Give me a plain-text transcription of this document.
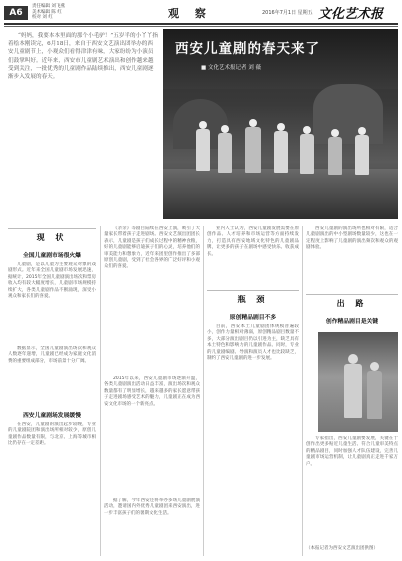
A6
责任编辑 刘飞燕
美术编辑 陈 红
校对 刘 红	观 察	2016年7月1日 星期五 文化艺术报
“妈妈，我要本本里面的那个小毛驴！”五岁半的小丫丫指着绘本刚读完，6月18日，来自于西安文艺演出团举办的西安儿童剧节上，小观众们看得津津有味，大家纷纷为小演员们鼓掌叫好。近年来，西安市儿童剧艺术演出和创作越来越受到关注，一批优秀的儿童剧作品陆续推出，西安儿童剧逐渐步入发展的春天。
西安儿童剧的春天来了
■ 文化艺术报记者 刘 薇
现 状
全国儿童剧市场很火爆
儿童剧，是以儿童为主要观众对象的戏剧形式。近年来全国儿童剧市场发展迅速，据统计，2015年全国儿童剧演出场次和票房收入均有较大幅度增长，儿童剧市场规模持续扩大，各类儿童剧作品不断涌现，深受小观众和家长们的喜爱。
数据显示，全国儿童剧演出场次和观众人数逐年递增，儿童剧已经成为家庭文化消费的重要组成部分，市场前景十分广阔。
西安儿童剧场发展缓慢
在西安，儿童剧的演出起步较晚，专业的儿童剧院团和演出场所相对较少，原创儿童剧作品数量有限，与北京、上海等城市相比仍存在一定差距。
《亲亲》等剧目陆续在西安上演，吸引了大量家长带着孩子走进剧场。西安文艺演出团团长表示，儿童剧是孩子们成长过程中的精神食粮，好的儿童剧能够启迪孩子们的心灵，培养他们的审美能力和想象力，近年来团里创作推出了多部原创儿童剧，受到了社会各界的广泛好评和小观众们的喜爱。
2015年以来，西安儿童剧市场逐渐升温，各类儿童剧演出活动日益丰富，演出场次和观众数量都有了明显增长，越来越多的家长愿意带孩子走进剧场感受艺术的魅力，儿童剧正在成为西安文化市场的一个新亮点。
据了解，今年西安还将举办多场儿童剧展演活动，邀请国内外优秀儿童剧团来西安演出，进一步丰富孩子们的暑期文化生活。
业内人士认为，西安儿童剧发展需要在原创作品、人才培养和市场运营等方面持续发力，打造具有西安地域文化特色的儿童剧品牌，让更多的孩子在剧场中感受快乐、收获成长。
瓶 颈
原创精品剧目不多
目前，西安本土儿童剧团体规模普遍较小，创作力量相对薄弱，原创精品剧目数量不多，大部分演出剧目仍以引进为主，缺乏具有本土特色和影响力的儿童剧作品。同时，专业的儿童剧编剧、导演和演员人才也比较缺乏，制约了西安儿童剧的进一步发展。
西安儿童剧的演出场所也相对有限，适合儿童剧演出的中小型剧场数量较少，这也在一定程度上影响了儿童剧的演出频次和观众的观剧体验。
出 路
创作精品剧目是关键
专家指出，西安儿童剧要发展，关键在于创作出更多贴近儿童生活、符合儿童审美特点的精品剧目，同时加强人才队伍建设，完善儿童剧市场运营机制，让儿童剧真正走进千家万户。
（本报记者为西安文艺演出团供图）
